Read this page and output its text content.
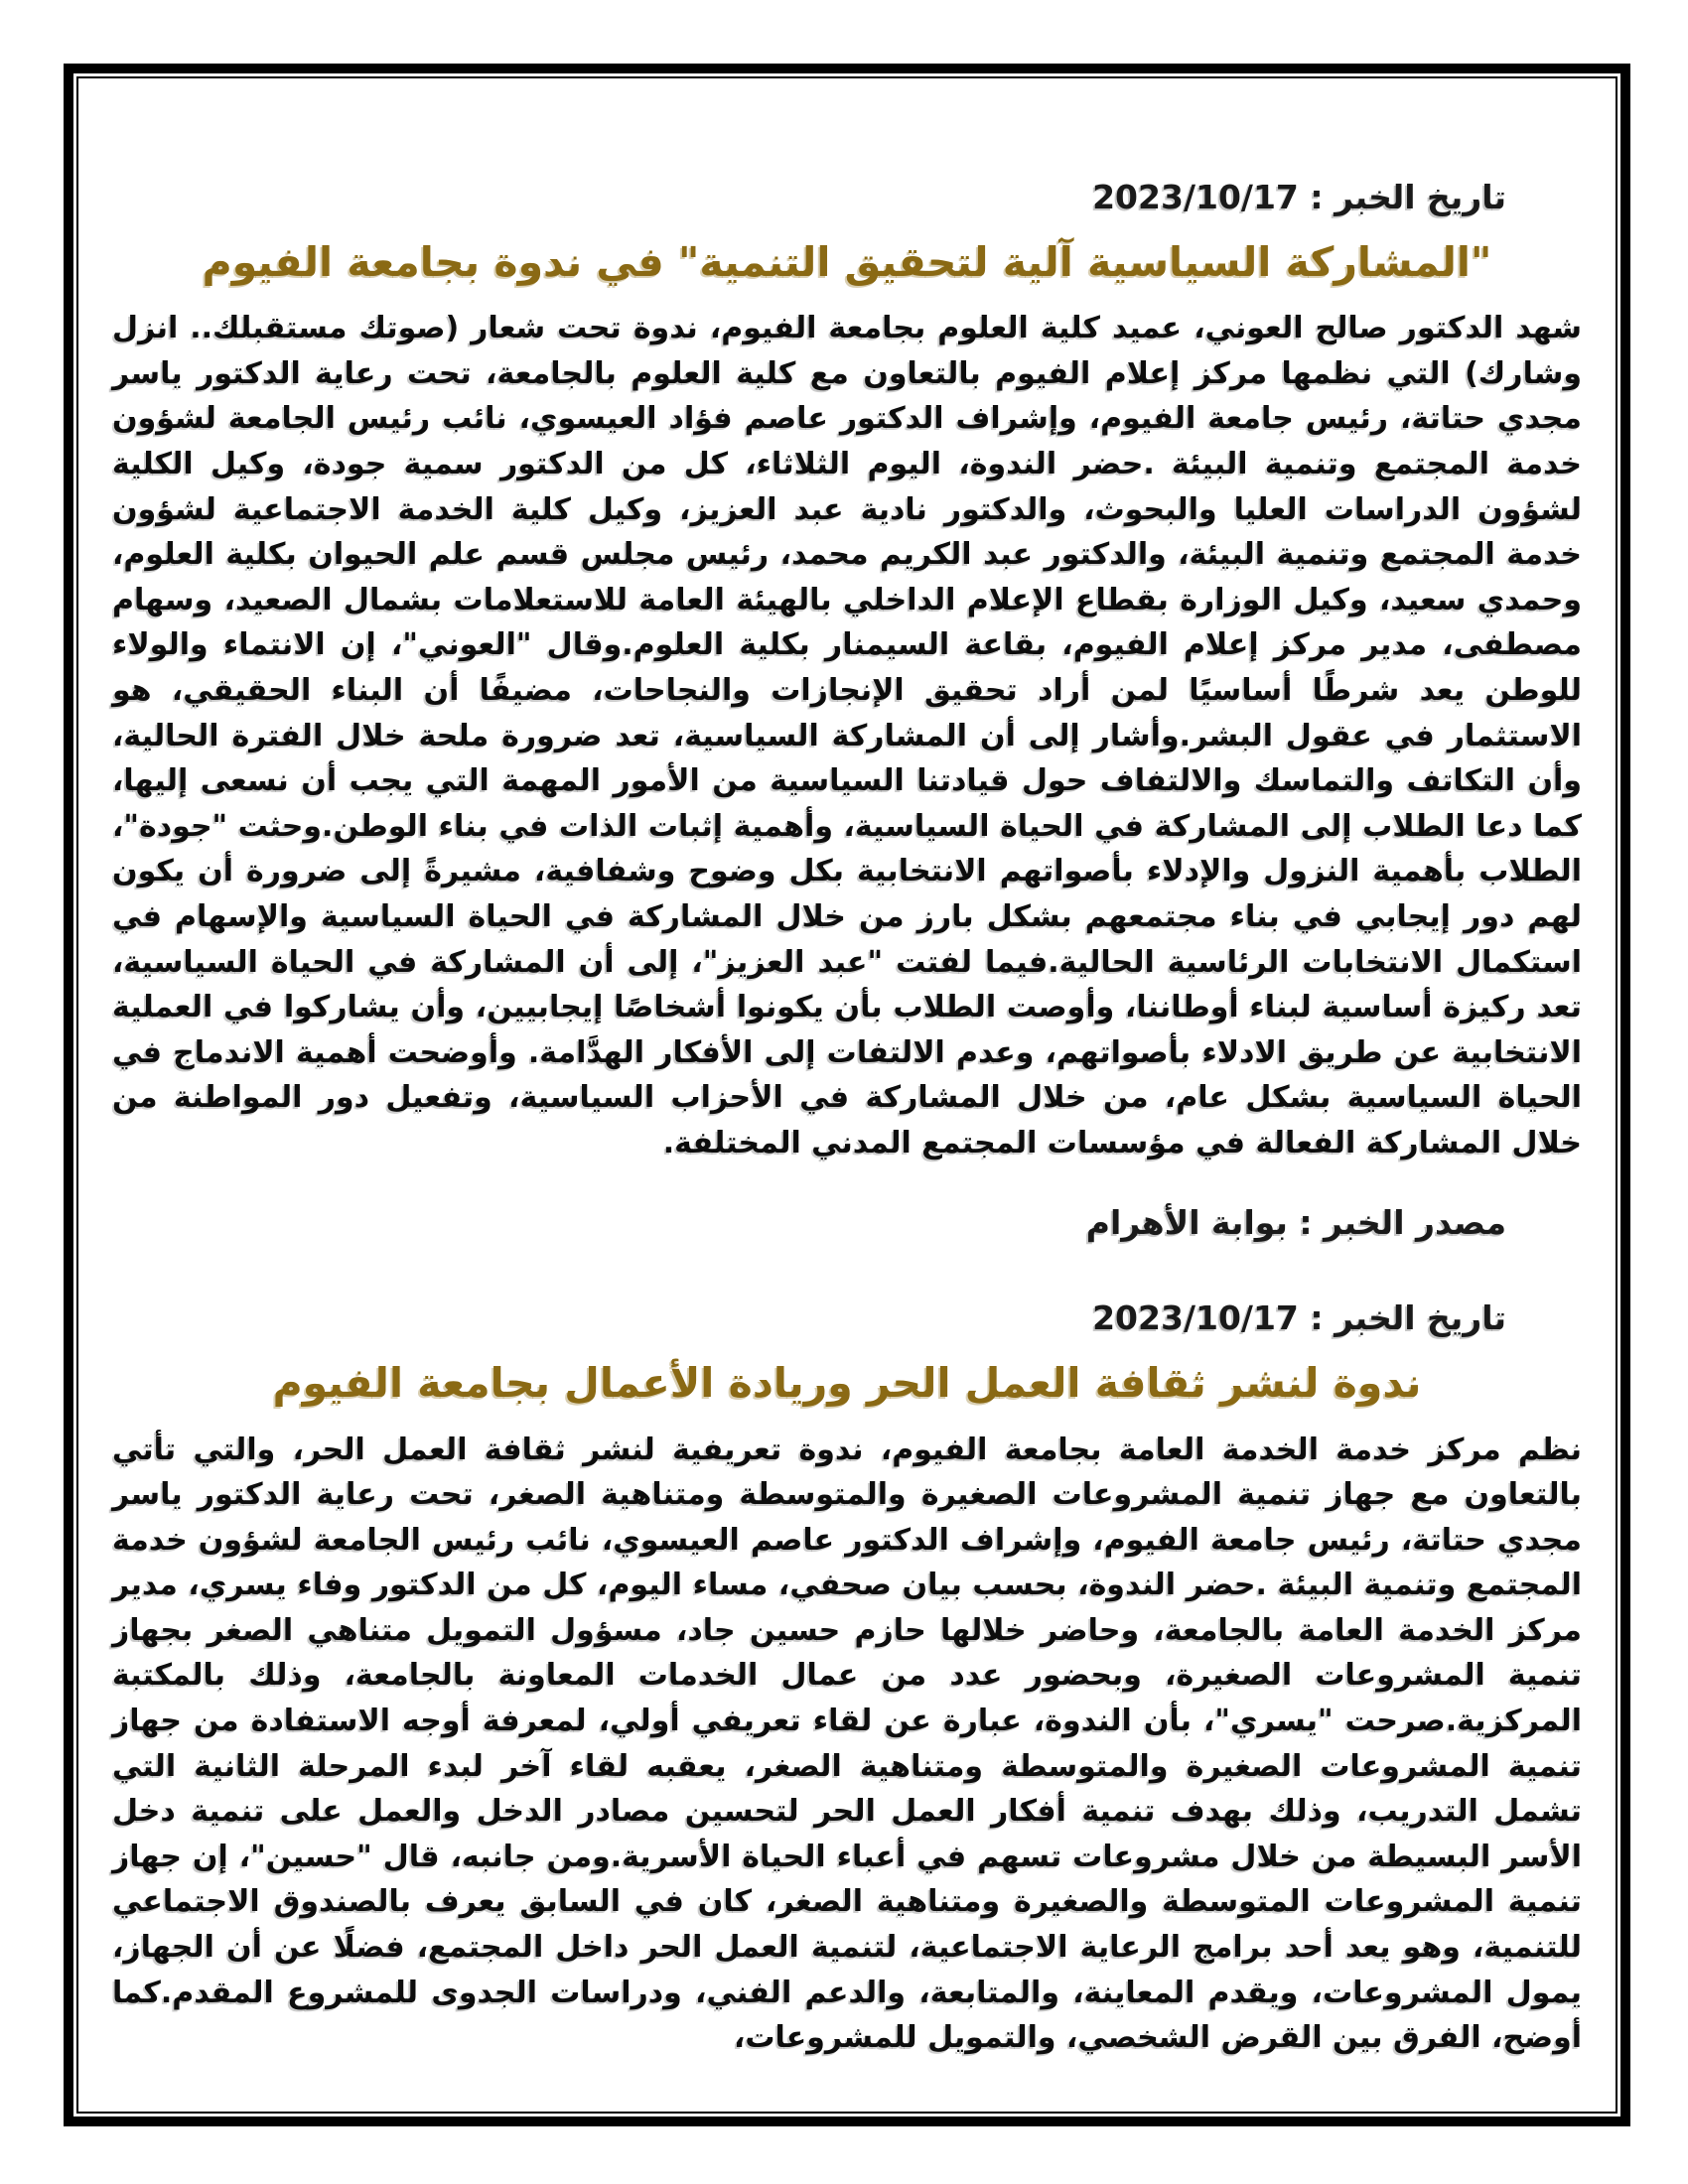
تاريخ الخبر : 2023/10/17
"المشاركة السياسية آلية لتحقيق التنمية" في ندوة بجامعة الفيوم

شهد الدكتور صالح العوني، عميد كلية العلوم بجامعة الفيوم، ندوة تحت شعار (صوتك مستقبلك.. انزل وشارك) التي نظمها مركز إعلام الفيوم بالتعاون مع كلية العلوم بالجامعة، تحت رعاية الدكتور ياسر مجدي حتاتة، رئيس جامعة الفيوم، وإشراف الدكتور عاصم فؤاد العيسوي، نائب رئيس الجامعة لشؤون خدمة المجتمع وتنمية البيئة .حضر الندوة، اليوم الثلاثاء، كل من الدكتور سمية جودة، وكيل الكلية لشؤون الدراسات العليا والبحوث، والدكتور نادية عبد العزيز، وكيل كلية الخدمة الاجتماعية لشؤون خدمة المجتمع وتنمية البيئة، والدكتور عبد الكريم محمد، رئيس مجلس قسم علم الحيوان بكلية العلوم، وحمدي سعيد، وكيل الوزارة بقطاع الإعلام الداخلي بالهيئة العامة للاستعلامات بشمال الصعيد، وسهام مصطفى، مدير مركز إعلام الفيوم، بقاعة السيمنار بكلية العلوم.وقال "العوني"، إن الانتماء والولاء للوطن يعد شرطًا أساسيًا لمن أراد تحقيق الإنجازات والنجاحات، مضيفًا أن البناء الحقيقي، هو الاستثمار في عقول البشر.وأشار إلى أن المشاركة السياسية، تعد ضرورة ملحة خلال الفترة الحالية، وأن التكاتف والتماسك والالتفاف حول قيادتنا السياسية من الأمور المهمة التي يجب أن نسعى إليها، كما دعا الطلاب إلى المشاركة في الحياة السياسية، وأهمية إثبات الذات في بناء الوطن.وحثت "جودة"، الطلاب بأهمية النزول والإدلاء بأصواتهم الانتخابية بكل وضوح وشفافية، مشيرةً إلى ضرورة أن يكون لهم دور إيجابي في بناء مجتمعهم بشكل بارز من خلال المشاركة في الحياة السياسية والإسهام في استكمال الانتخابات الرئاسية الحالية.فيما لفتت "عبد العزيز"، إلى أن المشاركة في الحياة السياسية، تعد ركيزة أساسية لبناء أوطاننا، وأوصت الطلاب بأن يكونوا أشخاصًا إيجابيين، وأن يشاركوا في العملية الانتخابية عن طريق الادلاء بأصواتهم، وعدم الالتفات إلى الأفكار الهدَّامة. وأوضحت أهمية الاندماج في الحياة السياسية بشكل عام، من خلال المشاركة في الأحزاب السياسية، وتفعيل دور المواطنة من خلال المشاركة الفعالة في مؤسسات المجتمع المدني المختلفة.

مصدر الخبر : بوابة الأهرام
تاريخ الخبر : 2023/10/17
ندوة لنشر ثقافة العمل الحر وريادة الأعمال بجامعة الفيوم

نظم مركز خدمة الخدمة العامة بجامعة الفيوم، ندوة تعريفية لنشر ثقافة العمل الحر، والتي تأتي بالتعاون مع جهاز تنمية المشروعات الصغيرة والمتوسطة ومتناهية الصغر، تحت رعاية الدكتور ياسر مجدي حتاتة، رئيس جامعة الفيوم، وإشراف الدكتور عاصم العيسوي، نائب رئيس الجامعة لشؤون خدمة المجتمع وتنمية البيئة .حضر الندوة، بحسب بيان صحفي، مساء اليوم، كل من الدكتور وفاء يسري، مدير مركز الخدمة العامة بالجامعة، وحاضر خلالها حازم حسين جاد، مسؤول التمويل متناهي الصغر بجهاز تنمية المشروعات الصغيرة، وبحضور عدد من عمال الخدمات المعاونة بالجامعة، وذلك بالمكتبة المركزية.صرحت "يسري"، بأن الندوة، عبارة عن لقاء تعريفي أولي، لمعرفة أوجه الاستفادة من جهاز تنمية المشروعات الصغيرة والمتوسطة ومتناهية الصغر، يعقبه لقاء آخر لبدء المرحلة الثانية التي تشمل التدريب، وذلك بهدف تنمية أفكار العمل الحر لتحسين مصادر الدخل والعمل على تنمية دخل الأسر البسيطة من خلال مشروعات تسهم في أعباء الحياة الأسرية.ومن جانبه، قال "حسين"، إن جهاز تنمية المشروعات المتوسطة والصغيرة ومتناهية الصغر، كان في السابق يعرف بالصندوق الاجتماعي للتنمية، وهو يعد أحد برامج الرعاية الاجتماعية، لتنمية العمل الحر داخل المجتمع، فضلًا عن أن الجهاز، يمول المشروعات، ويقدم المعاينة، والمتابعة، والدعم الفني، ودراسات الجدوى للمشروع المقدم.كما أوضح، الفرق بين القرض الشخصي، والتمويل للمشروعات،
